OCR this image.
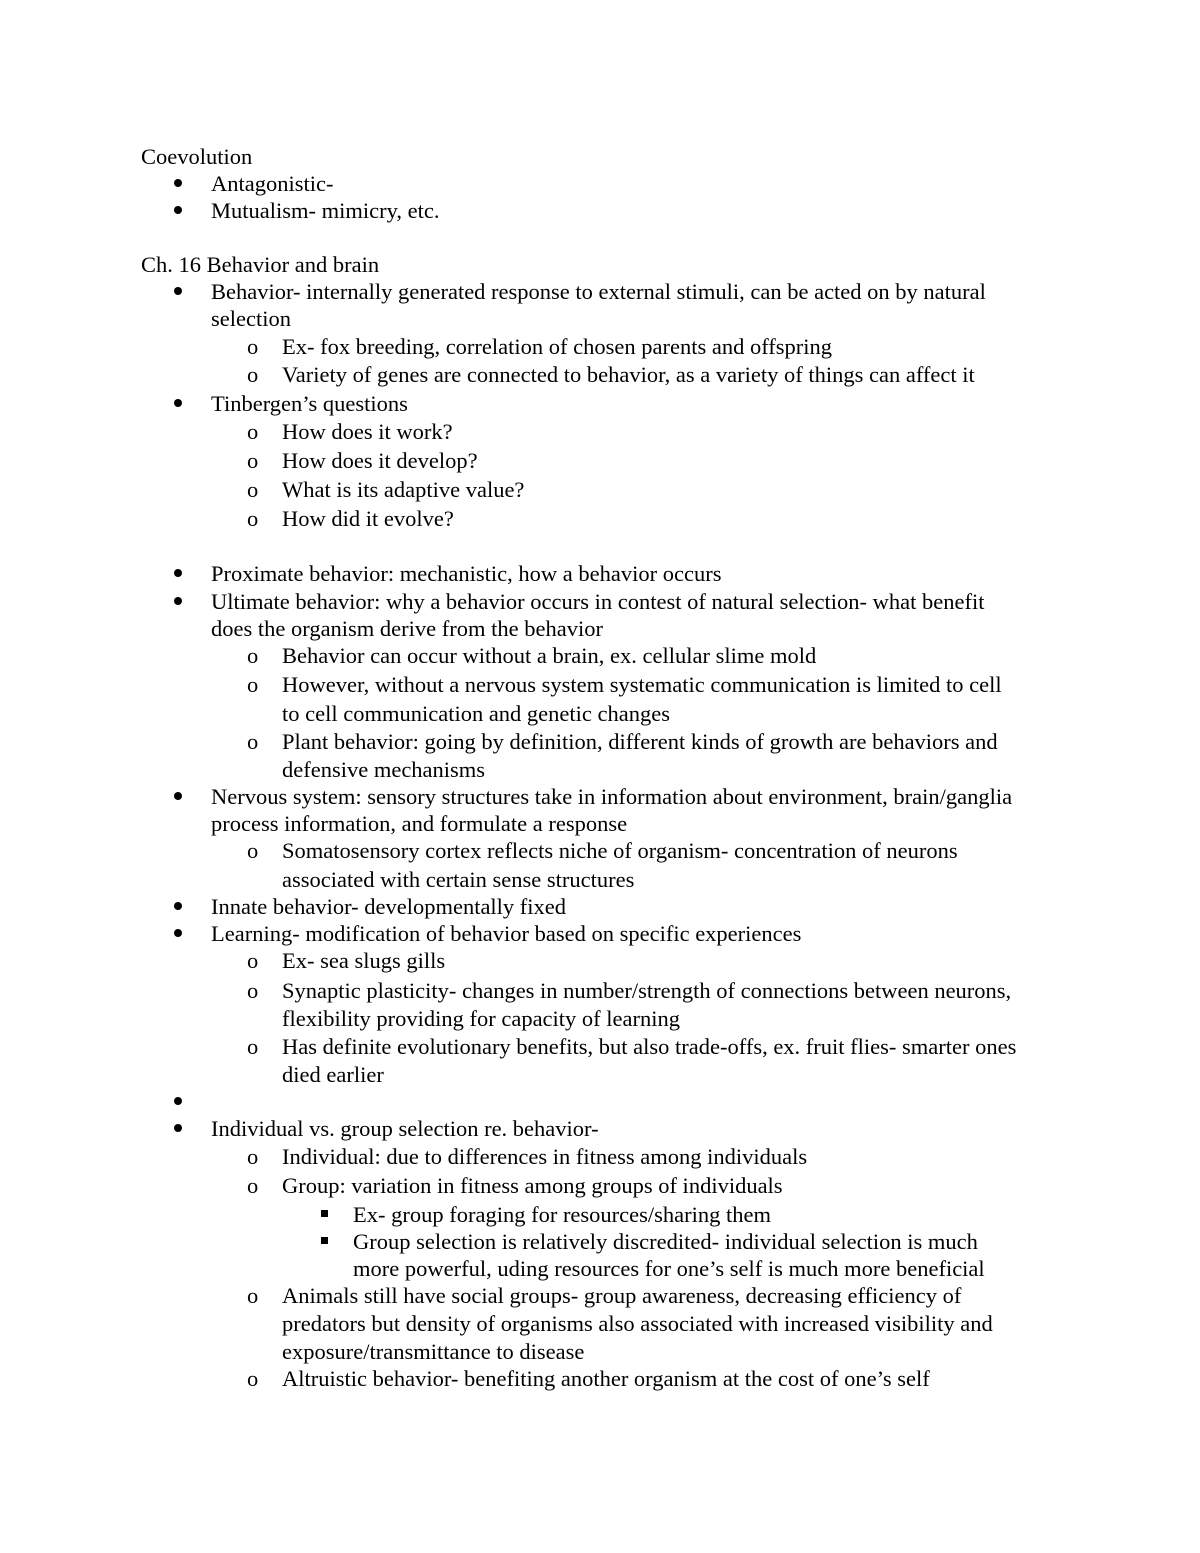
Coevolution
Antagonistic-
Mutualism- mimicry, etc.
Ch. 16 Behavior and brain
Behavior- internally generated response to external stimuli, can be acted on by natural
selection
o Ex- fox breeding, correlation of chosen parents and offspring
o Variety of genes are connected to behavior, as a variety of things can affect it
Tinbergen’s questions
o How does it work?
o How does it develop?
o What is its adaptive value?
o How did it evolve?
Proximate behavior: mechanistic, how a behavior occurs
Ultimate behavior: why a behavior occurs in contest of natural selection- what benefit
does the organism derive from the behavior
o Behavior can occur without a brain, ex. cellular slime mold
o However, without a nervous system systematic communication is limited to cell
to cell communication and genetic changes
o Plant behavior: going by definition, different kinds of growth are behaviors and
defensive mechanisms
Nervous system: sensory structures take in information about environment, brain/ganglia
process information, and formulate a response
o Somatosensory cortex reflects niche of organism- concentration of neurons
associated with certain sense structures
Innate behavior- developmentally fixed
Learning- modification of behavior based on specific experiences
o Ex- sea slugs gills
o Synaptic plasticity- changes in number/strength of connections between neurons,
flexibility providing for capacity of learning
o Has definite evolutionary benefits, but also trade-offs, ex. fruit flies- smarter ones
died earlier
Individual vs. group selection re. behavior-
o Individual: due to differences in fitness among individuals
o Group: variation in fitness among groups of individuals
Ex- group foraging for resources/sharing them
Group selection is relatively discredited- individual selection is much
more powerful, uding resources for one’s self is much more beneficial
o Animals still have social groups- group awareness, decreasing efficiency of
predators but density of organisms also associated with increased visibility and
exposure/transmittance to disease
o Altruistic behavior- benefiting another organism at the cost of one’s self
